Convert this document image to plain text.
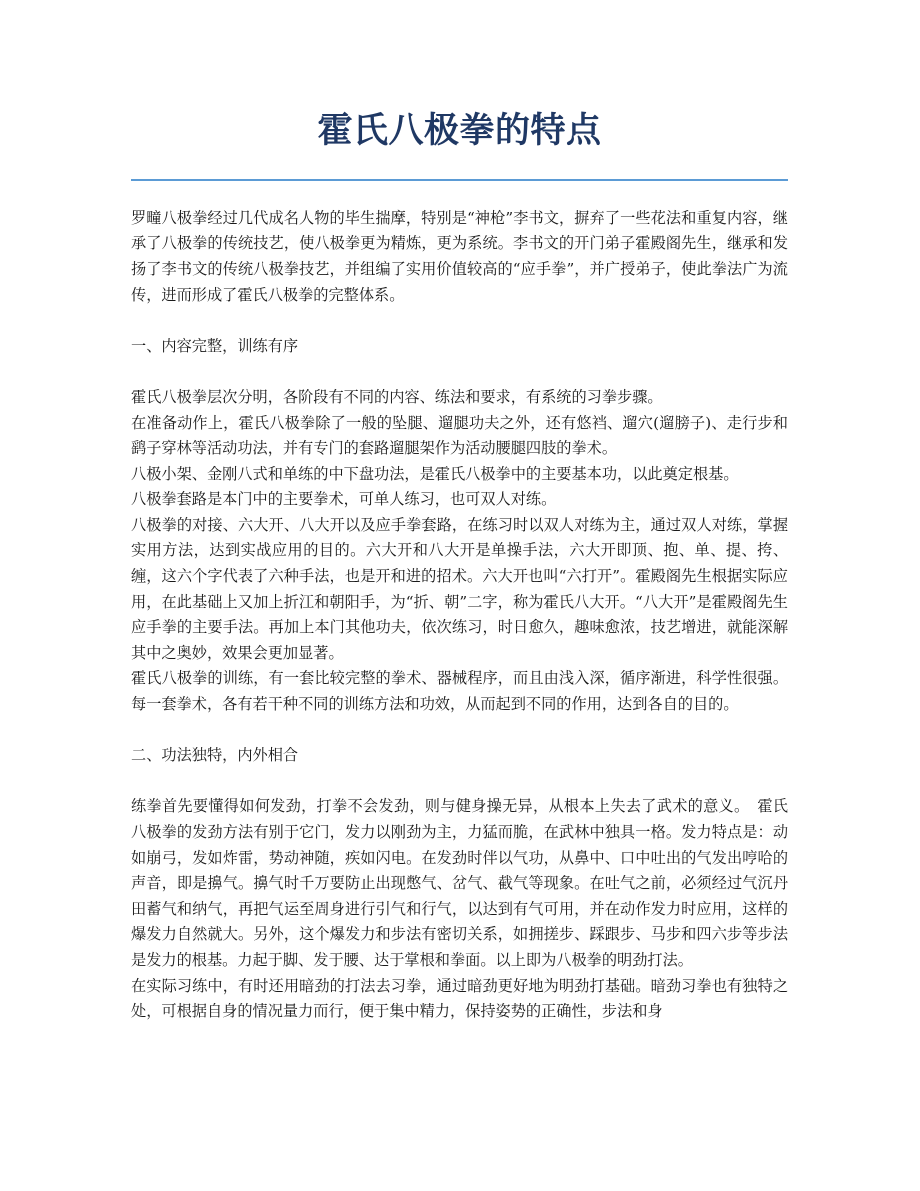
霍氏八极拳的特点

罗疃八极拳经过几代成名人物的毕生揣摩，特别是“神枪”李书文，摒弃了一些花法和重复内容，继承了八极拳的传统技艺，使八极拳更为精炼，更为系统。李书文的开门弟子霍殿阁先生，继承和发扬了李书文的传统八极拳技艺，并组编了实用价值较高的“应手拳”，并广授弟子，使此拳法广为流传，进而形成了霍氏八极拳的完整体系。

一、内容完整，训练有序

霍氏八极拳层次分明，各阶段有不同的内容、练法和要求，有系统的习拳步骤。

在准备动作上，霍氏八极拳除了一般的坠腿、遛腿功夫之外，还有悠裆、遛穴(遛膀子)、走行步和鹞子穿林等活动功法，并有专门的套路遛腿架作为活动腰腿四肢的拳术。

八极小架、金刚八式和单练的中下盘功法，是霍氏八极拳中的主要基本功，以此奠定根基。

八极拳套路是本门中的主要拳术，可单人练习，也可双人对练。

八极拳的对接、六大开、八大开以及应手拳套路，在练习时以双人对练为主，通过双人对练，掌握实用方法，达到实战应用的目的。六大开和八大开是单操手法，六大开即顶、抱、单、提、挎、缠，这六个字代表了六种手法，也是开和进的招术。六大开也叫“六打开”。霍殿阁先生根据实际应用，在此基础上又加上折江和朝阳手，为“折、朝”二字，称为霍氏八大开。“八大开”是霍殿阁先生应手拳的主要手法。再加上本门其他功夫，依次练习，时日愈久，趣味愈浓，技艺增进，就能深解其中之奥妙，效果会更加显著。

霍氏八极拳的训练，有一套比较完整的拳术、器械程序，而且由浅入深，循序渐进，科学性很强。每一套拳术，各有若干种不同的训练方法和功效，从而起到不同的作用，达到各自的目的。

二、功法独特，内外相合

练拳首先要懂得如何发劲，打拳不会发劲，则与健身操无异，从根本上失去了武术的意义。　霍氏八极拳的发劲方法有别于它门，发力以刚劲为主，力猛而脆，在武林中独具一格。发力特点是：动如崩弓，发如炸雷，势动神随，疾如闪电。在发劲时伴以气功，从鼻中、口中吐出的气发出哼哈的声音，即是擤气。擤气时千万要防止出现憋气、岔气、截气等现象。在吐气之前，必须经过气沉丹田蓄气和纳气，再把气运至周身进行引气和行气，以达到有气可用，并在动作发力时应用，这样的爆发力自然就大。另外，这个爆发力和步法有密切关系，如拥搓步、踩跟步、马步和四六步等步法是发力的根基。力起于脚、发于腰、达于掌根和拳面。以上即为八极拳的明劲打法。

在实际习练中，有时还用暗劲的打法去习拳，通过暗劲更好地为明劲打基础。暗劲习拳也有独特之处，可根据自身的情况量力而行，便于集中精力，保持姿势的正确性，步法和身
